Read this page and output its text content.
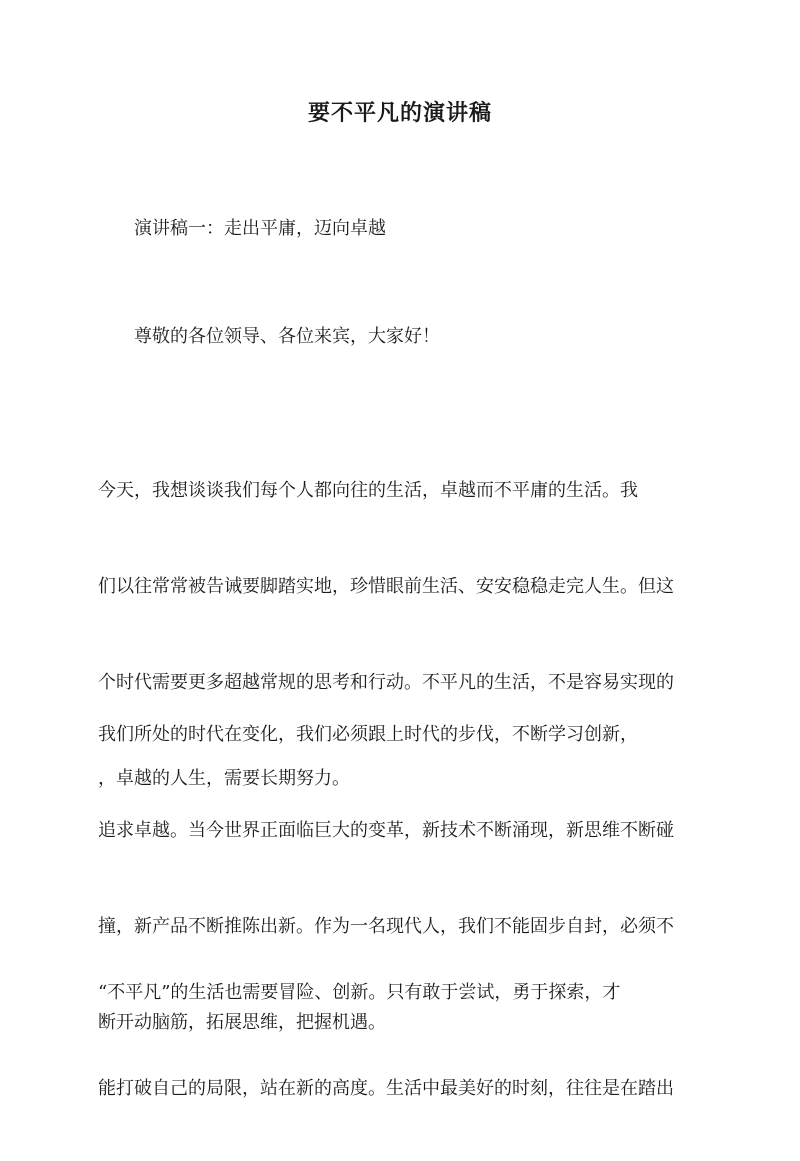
要不平凡的演讲稿

演讲稿一：走出平庸，迈向卓越

尊敬的各位领导、各位来宾，大家好！

今天，我想谈谈我们每个人都向往的生活，卓越而不平庸的生活。我

们以往常常被告诫要脚踏实地，珍惜眼前生活、安安稳稳走完人生。但这

个时代需要更多超越常规的思考和行动。不平凡的生活，不是容易实现的

，卓越的人生，需要长期努力。

我们所处的时代在变化，我们必须跟上时代的步伐，不断学习创新，

追求卓越。当今世界正面临巨大的变革，新技术不断涌现，新思维不断碰

撞，新产品不断推陈出新。作为一名现代人，我们不能固步自封，必须不

断开动脑筋，拓展思维，把握机遇。

“不平凡”的生活也需要冒险、创新。只有敢于尝试，勇于探索，才

能打破自己的局限，站在新的高度。生活中最美好的时刻，往往是在踏出
